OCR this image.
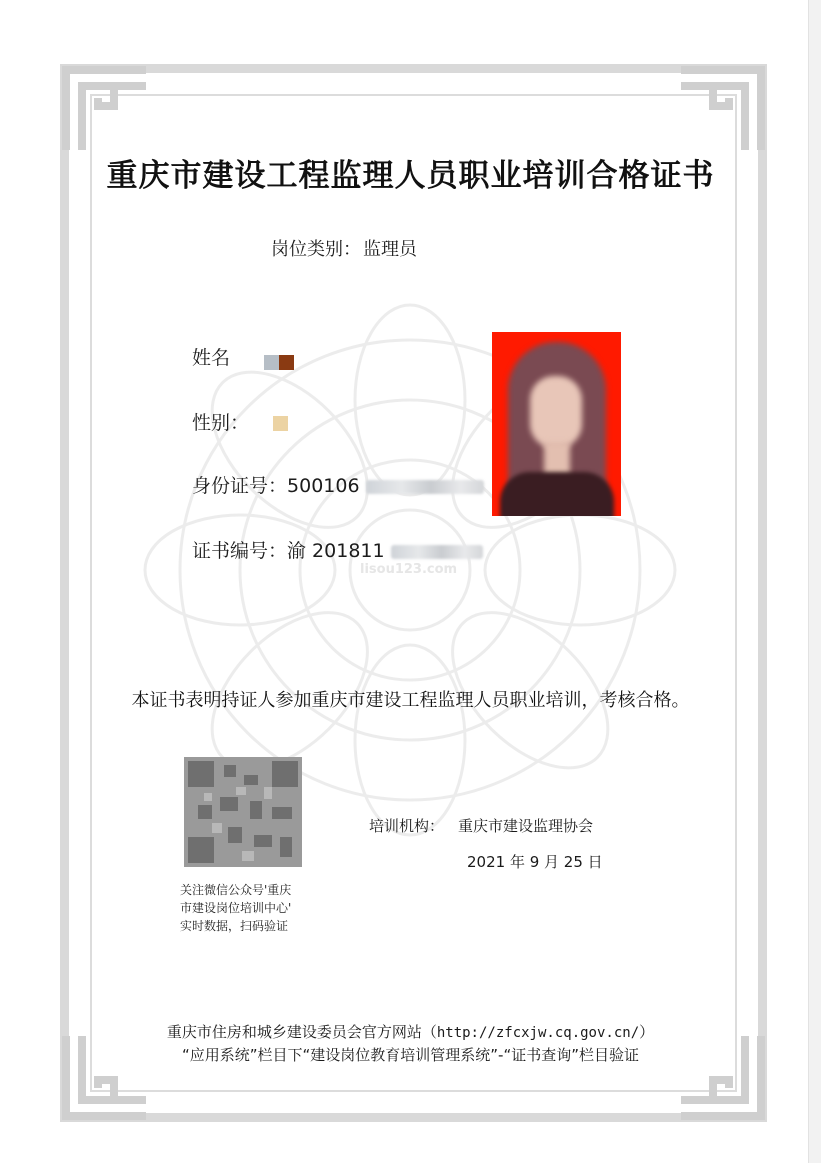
重庆市建设工程监理人员职业培训合格证书
岗位类别： 监理员
姓名
性别：
身份证号：500106
证书编号：渝 201811
lisou123.com
本证书表明持证人参加重庆市建设工程监理人员职业培训，考核合格。
关注微信公众号'重庆
市建设岗位培训中心'
实时数据，扫码验证
培训机构： 重庆市建设监理协会
2021 年 9 月 25 日
重庆市住房和城乡建设委员会官方网站（http://zfcxjw.cq.gov.cn/）
“应用系统”栏目下“建设岗位教育培训管理系统”-“证书查询”栏目验证
